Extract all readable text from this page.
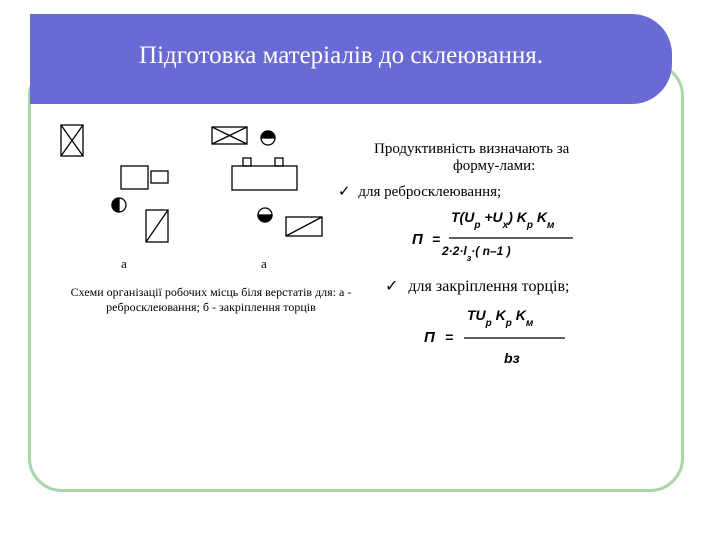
Підготовка матеріалів до склеювання.
а	а
Схеми організації робочих місць біля верстатів для: а - ребросклеювання; б - закріплення торців
Продуктивність визначають за
форму-лами:
✓ для ребросклеювання;
✓ для закріплення торців;
П =
$T(U_p +U_x)$ $K_p$ $K_м$
$2\cdot 2\cdot l_з\cdot$( n–1 )
П =
$TU_p$ $K_p$ $K_м$
bз
